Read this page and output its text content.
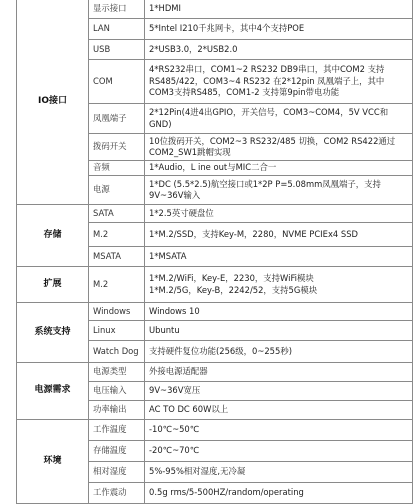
IO接口	显示接口	1*HDMI
	LAN	5*Intel I210千兆网卡，其中4个支持POE
	USB	2*USB3.0，2*USB2.0
	COM	4*RS232串口，COM1~2 RS232 DB9串口，其中COM2 支持RS485/422，COM3~4 RS232 在2*12pin 凤凰端子上，其中COM3支持RS485，COM1-2 支持第9pin带电功能
	凤凰端子	2*12Pin(4进4出GPIO，开关信号，COM3~COM4，5V VCC和GND)
	拨码开关	10位拨码开关，COM2~3 RS232/485 切换，COM2 RS422通过COM2_SW1跳帽实现
	音频	1*Audio，L ine out与MIC二合一
	电源	1*DC (5.5*2.5)航空接口或1*2P P=5.08mm凤凰端子，支持9V~36V输入
存储	SATA	1*2.5英寸硬盘位
	M.2	1*M.2/SSD，支持Key-M，2280，NVME PCIEx4 SSD
	MSATA	1*MSATA
扩展	M.2	1*M.2/WiFi，Key-E，2230，支持WiFi模块
1*M.2/5G，Key-B，2242/52，支持5G模块

系统支持	Windows	Windows 10
	Linux	Ubuntu
	Watch Dog	支持硬件复位功能(256级，0~255秒)
电源需求	电源类型	外接电源适配器
	电压输入	9V~36V宽压
	功率输出	AC TO DC 60W以上
环境	工作温度	-10℃~50℃
	存储温度	-20℃~70℃
	相对湿度	5%-95%相对湿度,无冷凝
	工作震动	0.5g rms/5-500HZ/random/operating
